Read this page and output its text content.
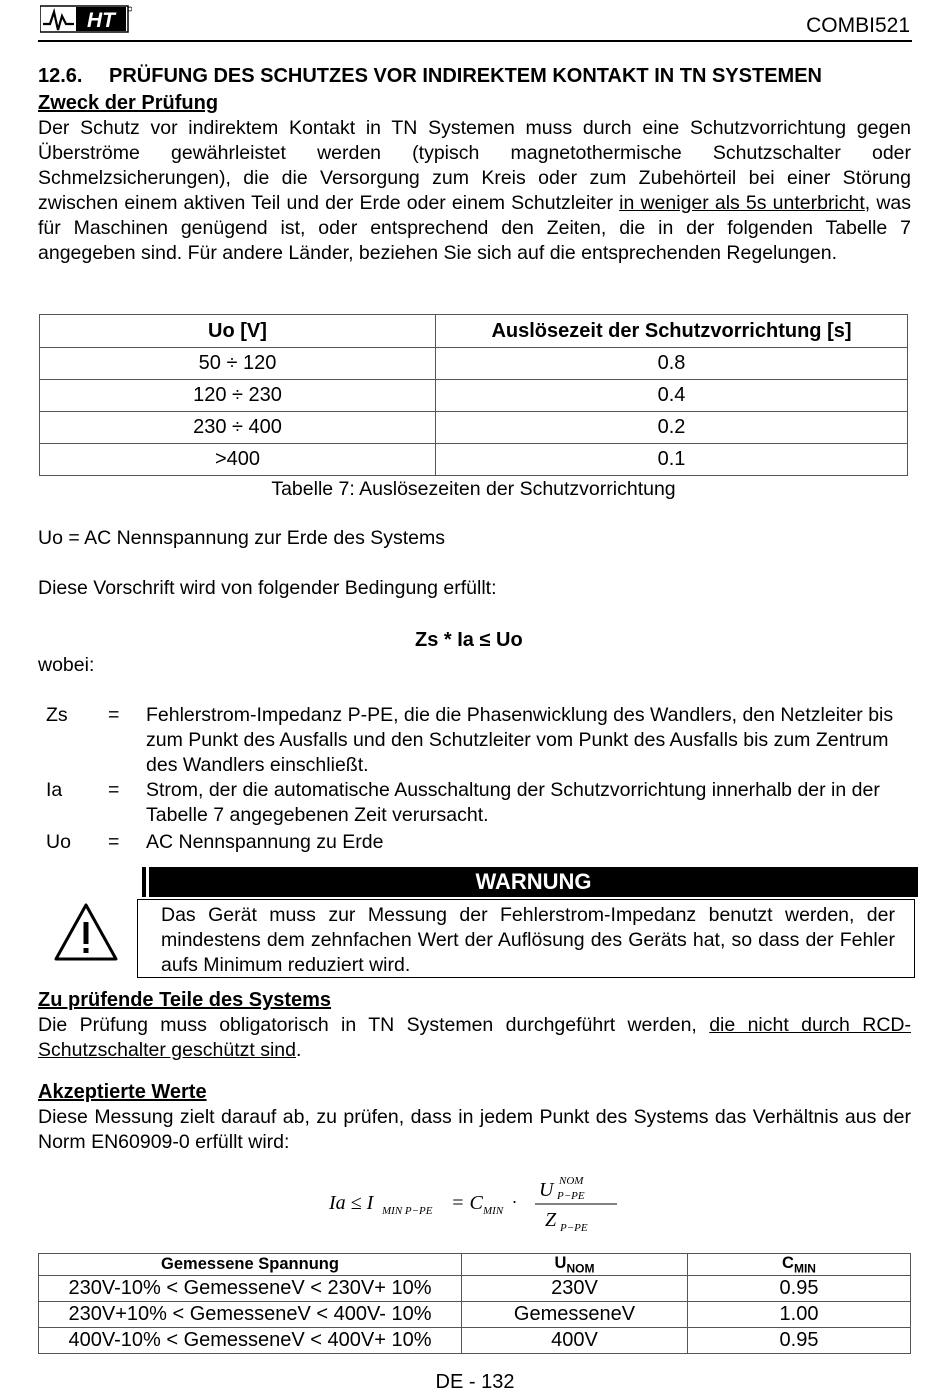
HT	COMBI521
12.6. PRÜFUNG DES SCHUTZES VOR INDIREKTEM KONTAKT IN TN SYSTEMEN
Zweck der Prüfung
Der Schutz vor indirektem Kontakt in TN Systemen muss durch eine Schutzvorrichtung gegen Überströme gewährleistet werden (typisch magnetothermische Schutzschalter oder Schmelzsicherungen), die die Versorgung zum Kreis oder zum Zubehörteil bei einer Störung zwischen einem aktiven Teil und der Erde oder einem Schutzleiter in weniger als 5s unterbricht, was für Maschinen genügend ist, oder entsprechend den Zeiten, die in der folgenden Tabelle 7 angegeben sind. Für andere Länder, beziehen Sie sich auf die entsprechenden Regelungen.
Uo [V]	Auslösezeit der Schutzvorrichtung [s]
50 ÷ 120	0.8
120 ÷ 230	0.4
230 ÷ 400	0.2
>400	0.1
Tabelle 7: Auslösezeiten der Schutzvorrichtung
Uo = AC Nennspannung zur Erde des Systems
Diese Vorschrift wird von folgender Bedingung erfüllt:
Zs * Ia ≤ Uo
wobei:
Zs	= Fehlerstrom-Impedanz P-PE, die die Phasenwicklung des Wandlers, den Netzleiter bis zum Punkt des Ausfalls und den Schutzleiter vom Punkt des Ausfalls bis zum Zentrum des Wandlers einschließt.
Ia	= Strom, der die automatische Ausschaltung der Schutzvorrichtung innerhalb der in der Tabelle 7 angegebenen Zeit verursacht.
Uo	= AC Nennspannung zu Erde
WARNUNG
Das Gerät muss zur Messung der Fehlerstrom-Impedanz benutzt werden, der mindestens dem zehnfachen Wert der Auflösung des Geräts hat, so dass der Fehler aufs Minimum reduziert wird.
Zu prüfende Teile des Systems
Die Prüfung muss obligatorisch in TN Systemen durchgeführt werden, die nicht durch RCD-Schutzschalter geschützt sind.
Akzeptierte Werte
Diese Messung zielt darauf ab, zu prüfen, dass in jedem Punkt des Systems das Verhältnis aus der Norm EN60909-0 erfüllt wird:
Ia ≤ I MIN P−PE = C MIN ·
U NOM
P−PE
Z P−PE
Gemessene Spannung	$U_{NOM}$	$C_{MIN}$
230V-10% < GemesseneV < 230V+ 10%	230V	0.95
230V+10% < GemesseneV < 400V- 10%	GemesseneV	1.00
400V-10% < GemesseneV < 400V+ 10%	400V	0.95
DE - 132
